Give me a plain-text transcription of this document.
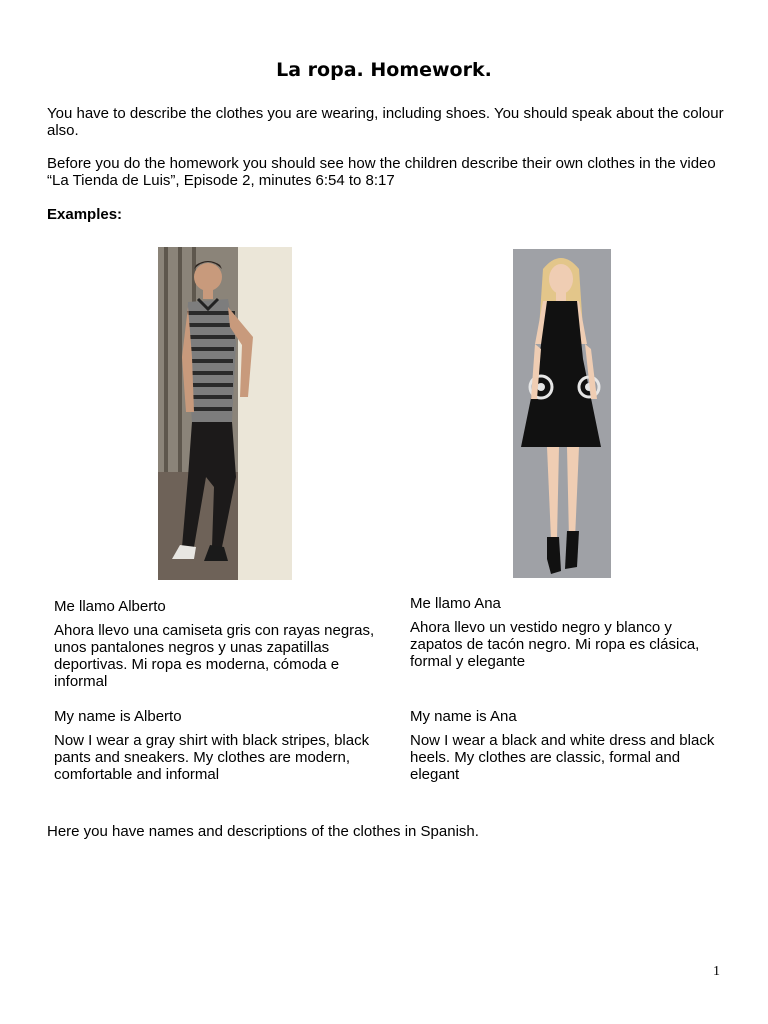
La ropa. Homework.

You have to describe the clothes you are wearing, including shoes. You should speak about the colour also.

Before you do the homework you should see how the children describe their own clothes in the video “La Tienda de Luis”, Episode 2, minutes 6:54 to 8:17

Examples:

Me llamo Alberto

Ahora llevo una camiseta gris con rayas negras, unos pantalones negros y unas zapatillas deportivas. Mi ropa es moderna, cómoda e informal

My name is Alberto

Now I wear a gray shirt with black stripes, black pants and sneakers. My clothes are modern, comfortable and informal

Me llamo Ana

Ahora llevo un vestido negro y blanco y zapatos de tacón negro. Mi ropa es clásica, formal y elegante

My name is Ana

Now I wear a black and white dress and black heels. My clothes are classic, formal and elegant

Here you have names and descriptions of the clothes in Spanish.
1
